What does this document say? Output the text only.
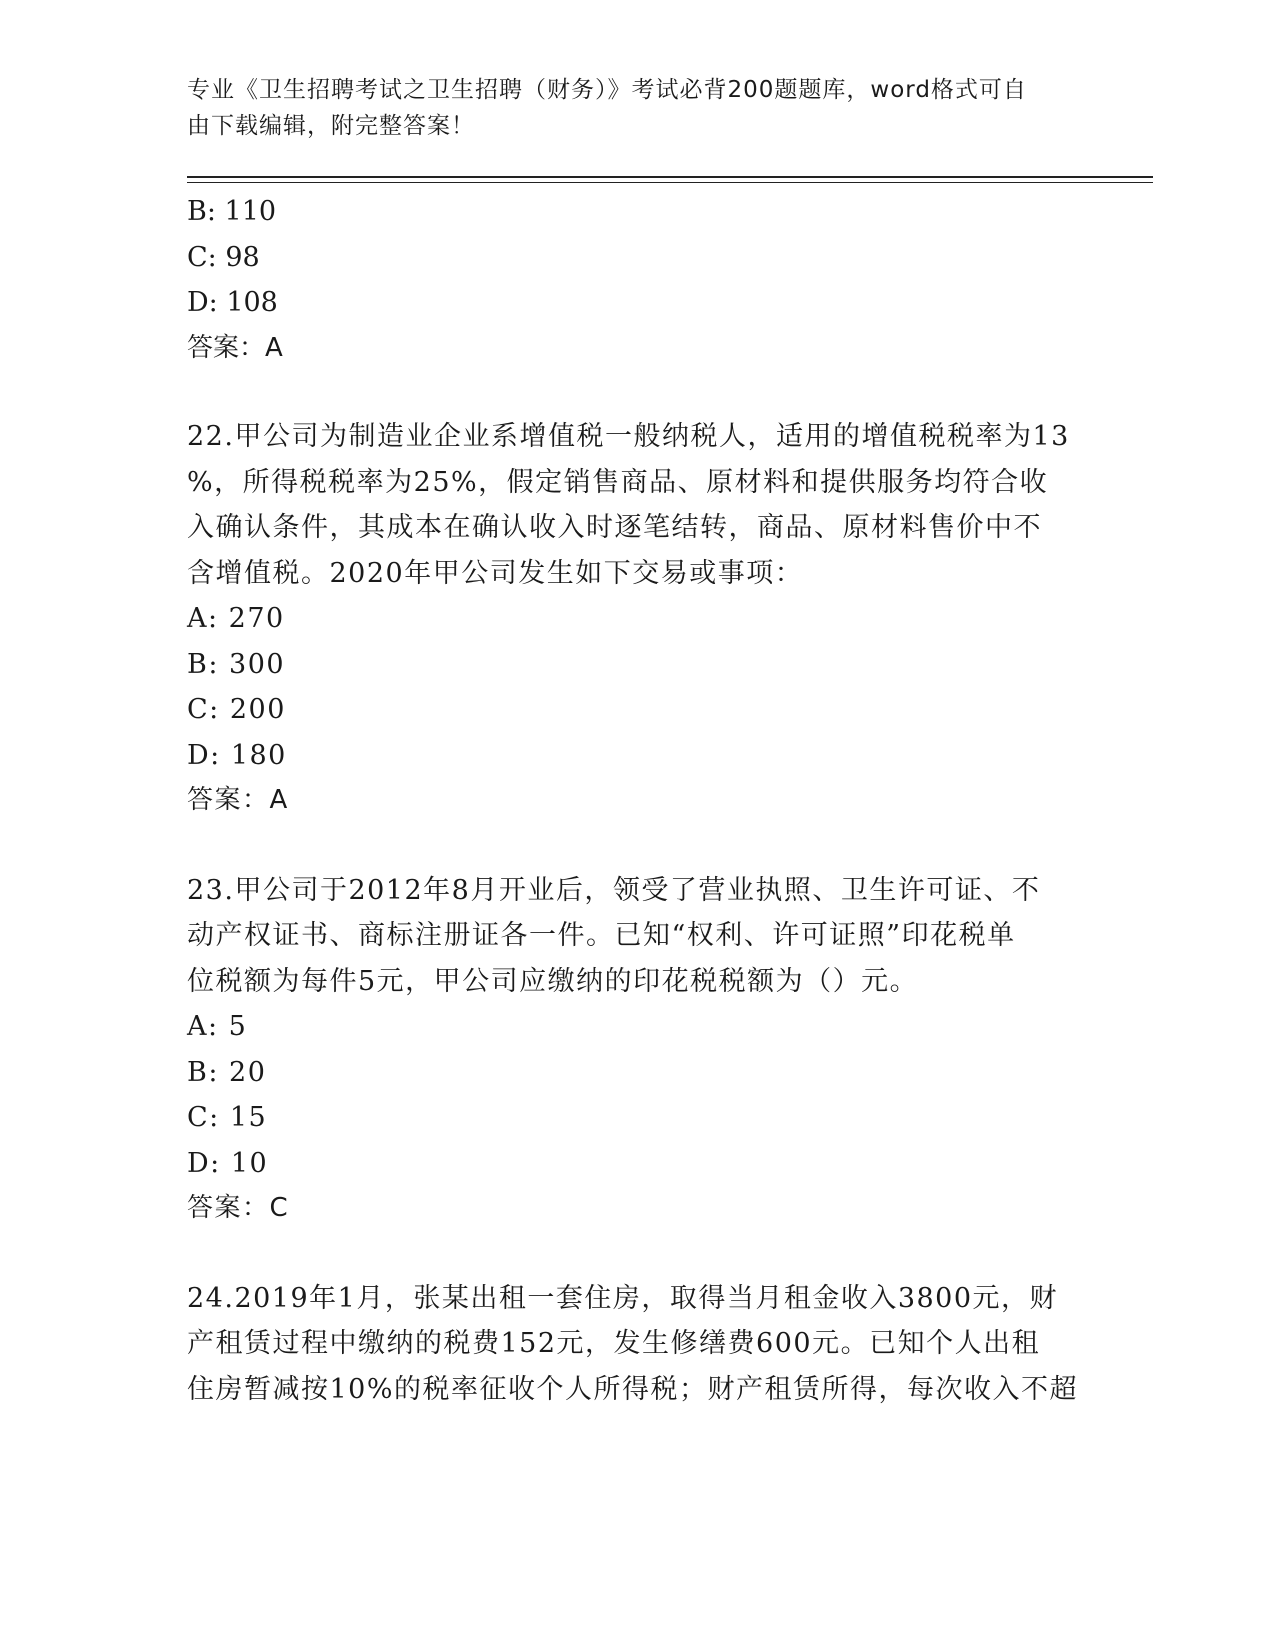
专业《卫生招聘考试之卫生招聘（财务）》考试必背200题题库，word格式可自
由下载编辑，附完整答案！
B: 110
C: 98
D: 108
答案：A
22.甲公司为制造业企业系增值税一般纳税人，适用的增值税税率为13
%，所得税税率为25%，假定销售商品、原材料和提供服务均符合收
入确认条件，其成本在确认收入时逐笔结转，商品、原材料售价中不
含增值税。2020年甲公司发生如下交易或事项：
A: 270
B: 300
C: 200
D: 180
答案：A
23.甲公司于2012年8月开业后，领受了营业执照、卫生许可证、不
动产权证书、商标注册证各一件。已知“权利、许可证照”印花税单
位税额为每件5元，甲公司应缴纳的印花税税额为（）元。
A: 5
B: 20
C: 15
D: 10
答案：C
24.2019年1月，张某出租一套住房，取得当月租金收入3800元，财
产租赁过程中缴纳的税费152元，发生修缮费600元。已知个人出租
住房暂减按10%的税率征收个人所得税；财产租赁所得，每次收入不超
